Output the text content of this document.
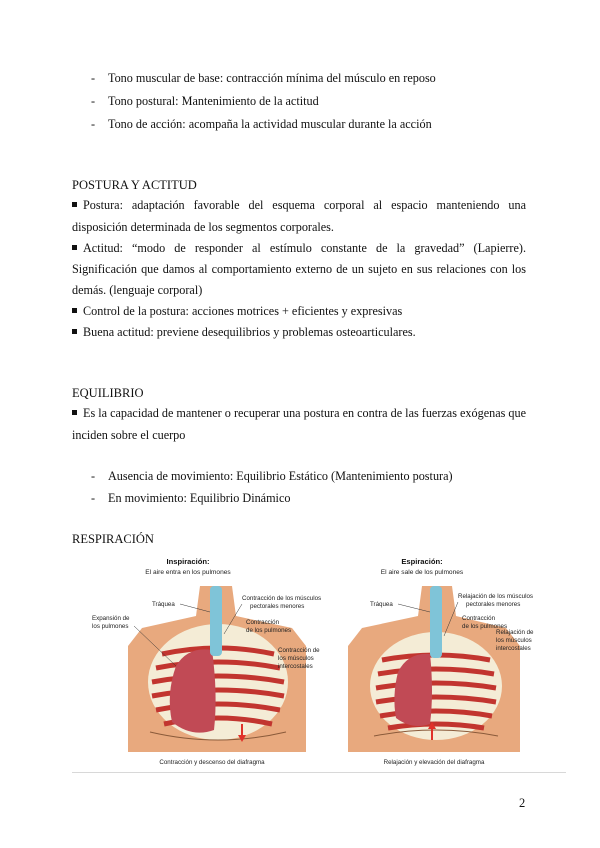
- Tono muscular de base: contracción mínima del músculo en reposo
- Tono postural: Mantenimiento de la actitud
- Tono de acción: acompaña la actividad muscular durante la acción
POSTURA Y ACTITUD
Postura: adaptación favorable del esquema corporal al espacio manteniendo una
disposición determinada de los segmentos corporales.
Actitud: “modo de responder al estímulo constante de la gravedad” (Lapierre).
Significación que damos al comportamiento externo de un sujeto en sus relaciones con los
demás. (lenguaje corporal)
Control de la postura: acciones motrices + eficientes y expresivas
Buena actitud: previene desequilibrios y problemas osteoarticulares.
EQUILIBRIO
Es la capacidad de mantener o recuperar una postura en contra de las fuerzas exógenas que
inciden sobre el cuerpo
- Ausencia de movimiento: Equilibrio Estático (Mantenimiento postura)
- En movimiento: Equilibrio Dinámico
RESPIRACIÓN
Inspiración:
El aire entra en los pulmones
Tráquea
Expansión de
los pulmones
Contracción de los músculos
pectorales menores
Contracción
de los pulmones
Contracción de
los músculos
intercostales
Contracción y descenso del diafragma
Espiración:
El aire sale de los pulmones
Tráquea
Relajación de los músculos
pectorales menores
Contracción
de los pulmones
Relajación de
los músculos
intercostales
Relajación y elevación del diafragma
2
